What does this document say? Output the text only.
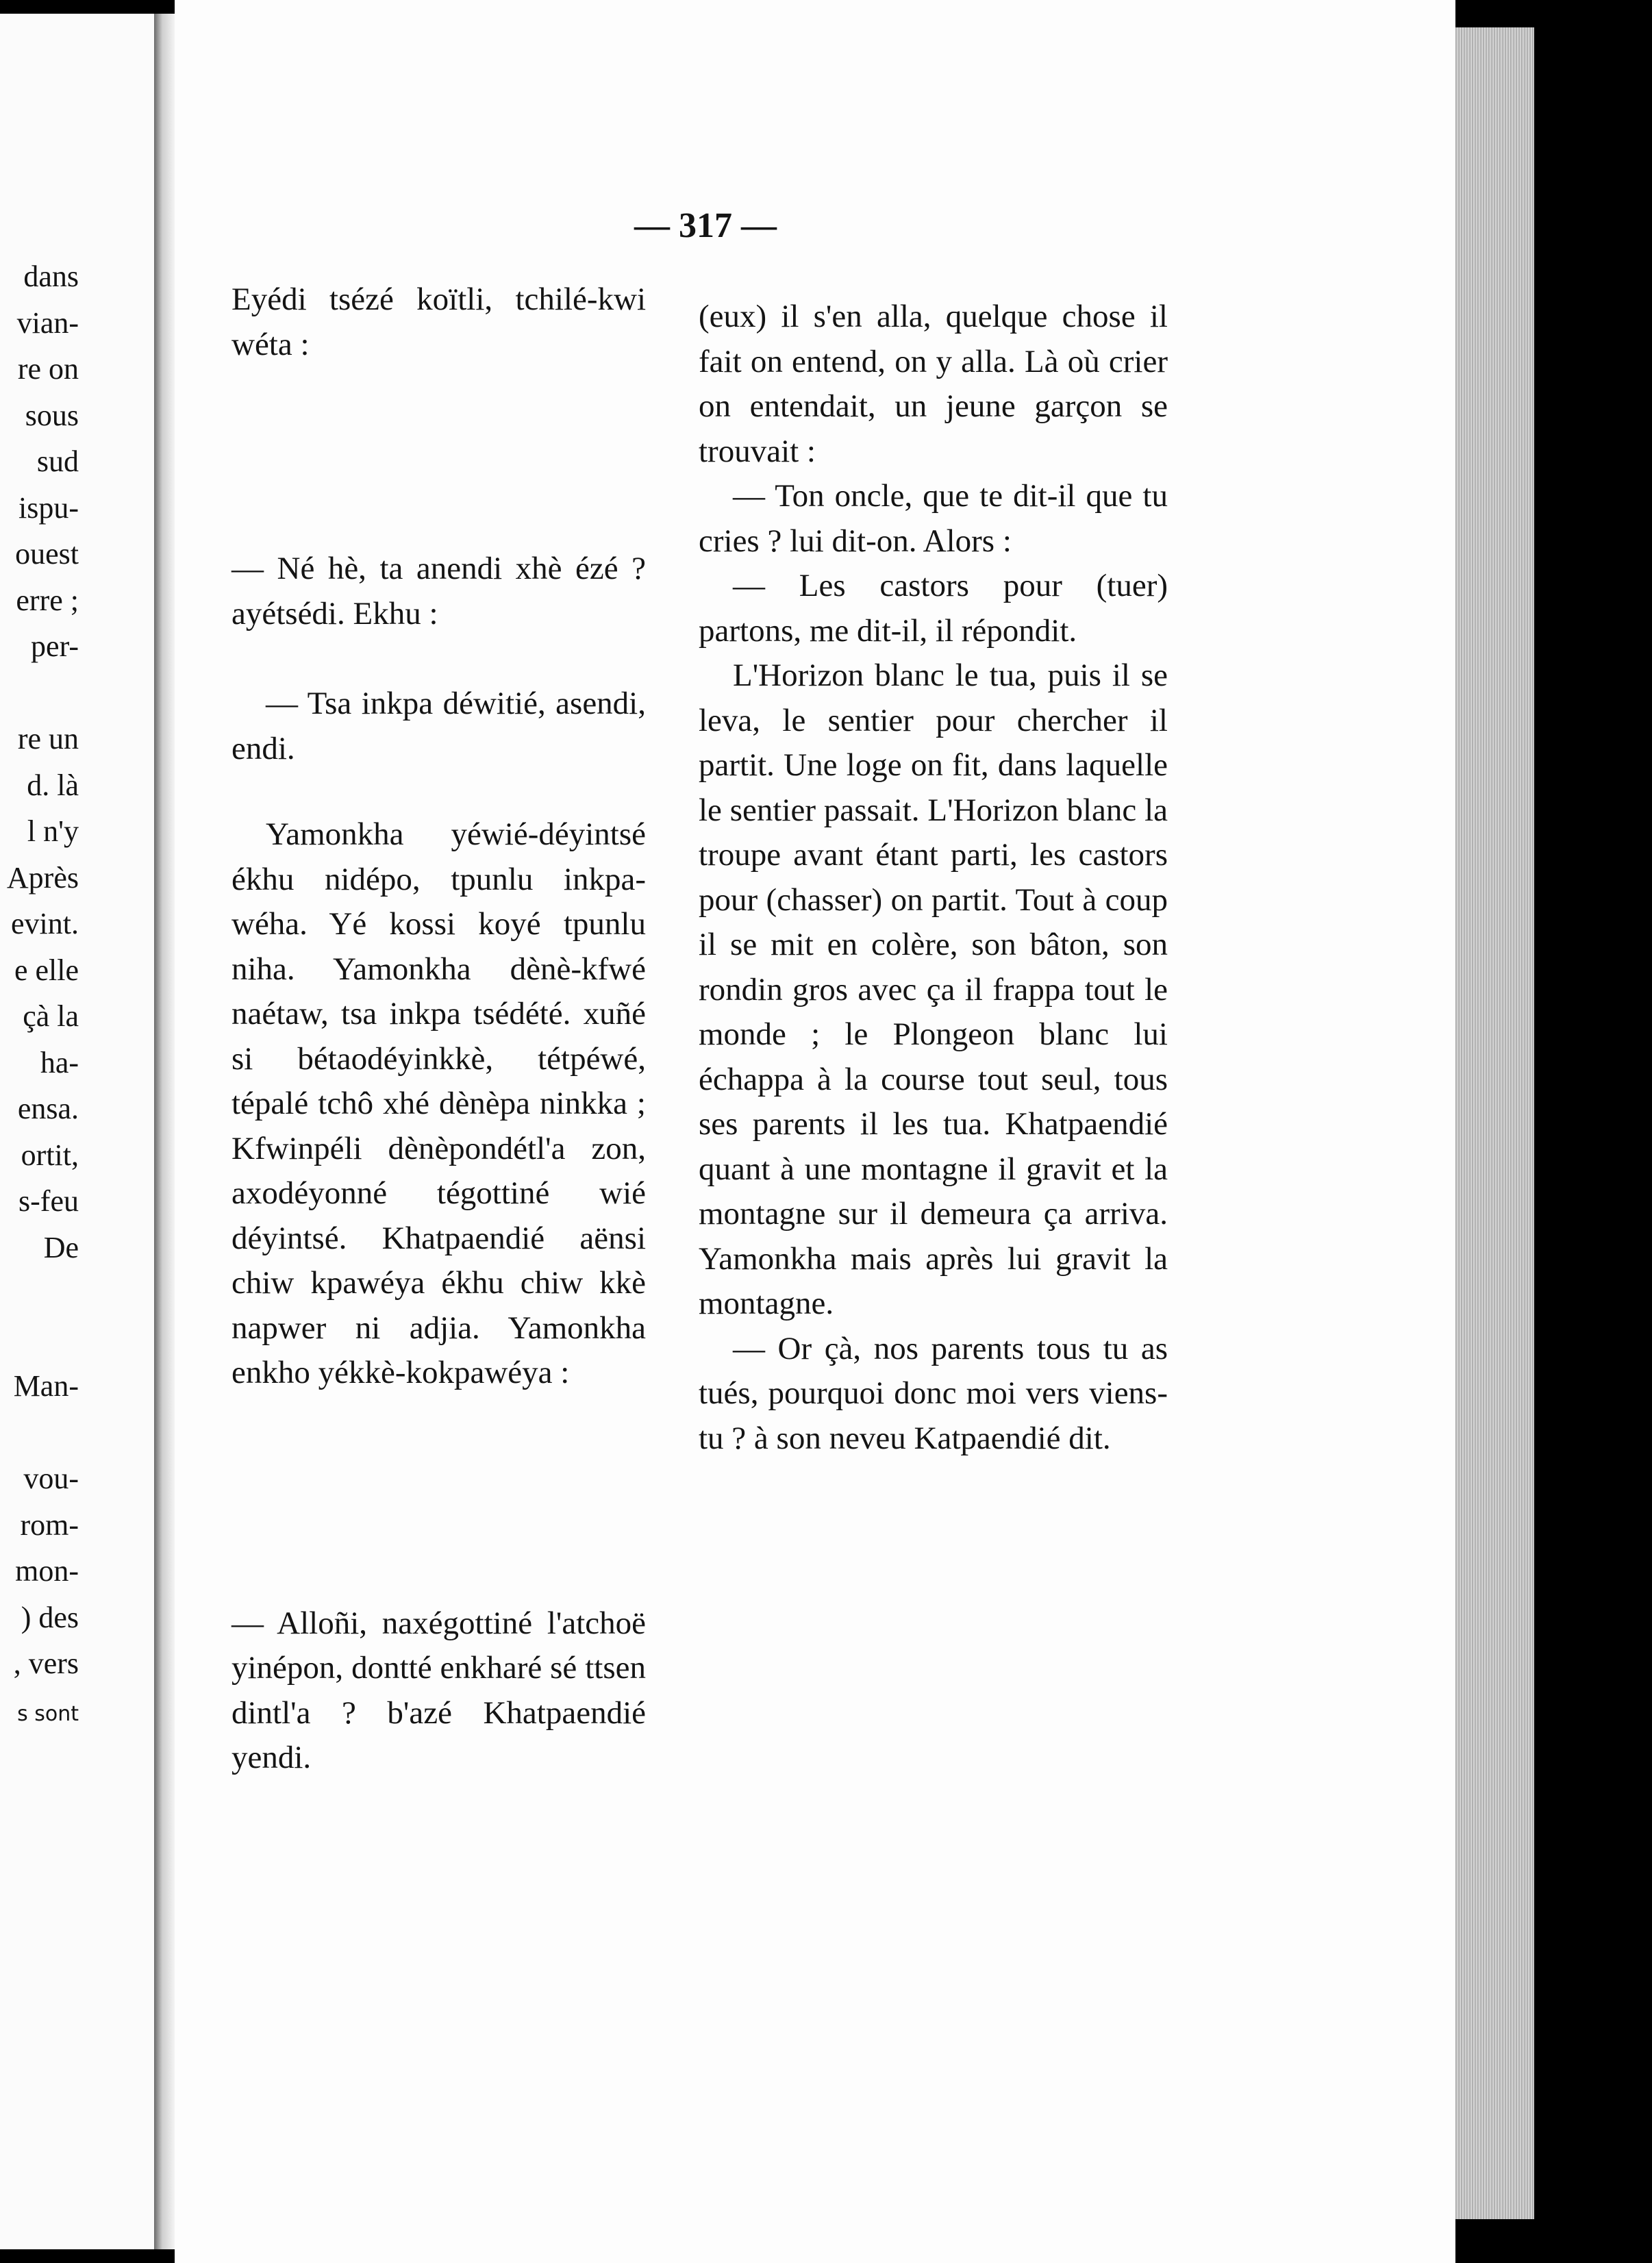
dans
vian-
re on
sous
sud
ispu-
ouest
erre ;
per-
re un
d. là
l n'y
Après
evint.
e elle
çà la
ha-
ensa.
ortit,
s-feu
De
Man-
vou-
rom-
mon-
) des
, vers
s sont
— 317 —

Eyédi tsézé koïtli, tchilé-kwi wéta :

— Né hè, ta anendi xhè ézé ? ayétsédi. Ekhu :

— Tsa inkpa déwitié, asendi, endi.

Yamonkha yéwié-déyintsé ékhu nidépo, tpunlu inkpa-wéha. Yé kossi koyé tpunlu niha. Yamonkha dènè-kfwé naétaw, tsa inkpa tsédété. xuñé si bétaodéyinkkè, tétpéwé, tépalé tchô xhé dènèpa ninkka ; Kfwinpéli dènèpondétl'a zon, axodéyonné tégottiné wié déyintsé. Khatpaendié aënsi chiw kpawéya ékhu chiw kkè napwer ni adjia. Yamonkha enkho yékkè-kokpawéya :

— Alloñi, naxégottiné l'atchoë yinépon, dontté enkharé sé ttsen dintl'a ? b'azé Khatpaendié yendi.

(eux) il s'en alla, quelque chose il fait on entend, on y alla. Là où crier on entendait, un jeune garçon se trouvait :

— Ton oncle, que te dit-il que tu cries ? lui dit-on. Alors :

— Les castors pour (tuer) partons, me dit-il, il répondit.

L'Horizon blanc le tua, puis il se leva, le sentier pour chercher il partit. Une loge on fit, dans laquelle le sentier passait. L'Horizon blanc la troupe avant étant parti, les castors pour (chasser) on partit. Tout à coup il se mit en colère, son bâton, son rondin gros avec ça il frappa tout le monde ; le Plongeon blanc lui échappa à la course tout seul, tous ses parents il les tua. Khatpaendié quant à une montagne il gravit et la montagne sur il demeura ça arriva. Yamonkha mais après lui gravit la montagne.

— Or çà, nos parents tous tu as tués, pourquoi donc moi vers viens-tu ? à son neveu Katpaendié dit.
